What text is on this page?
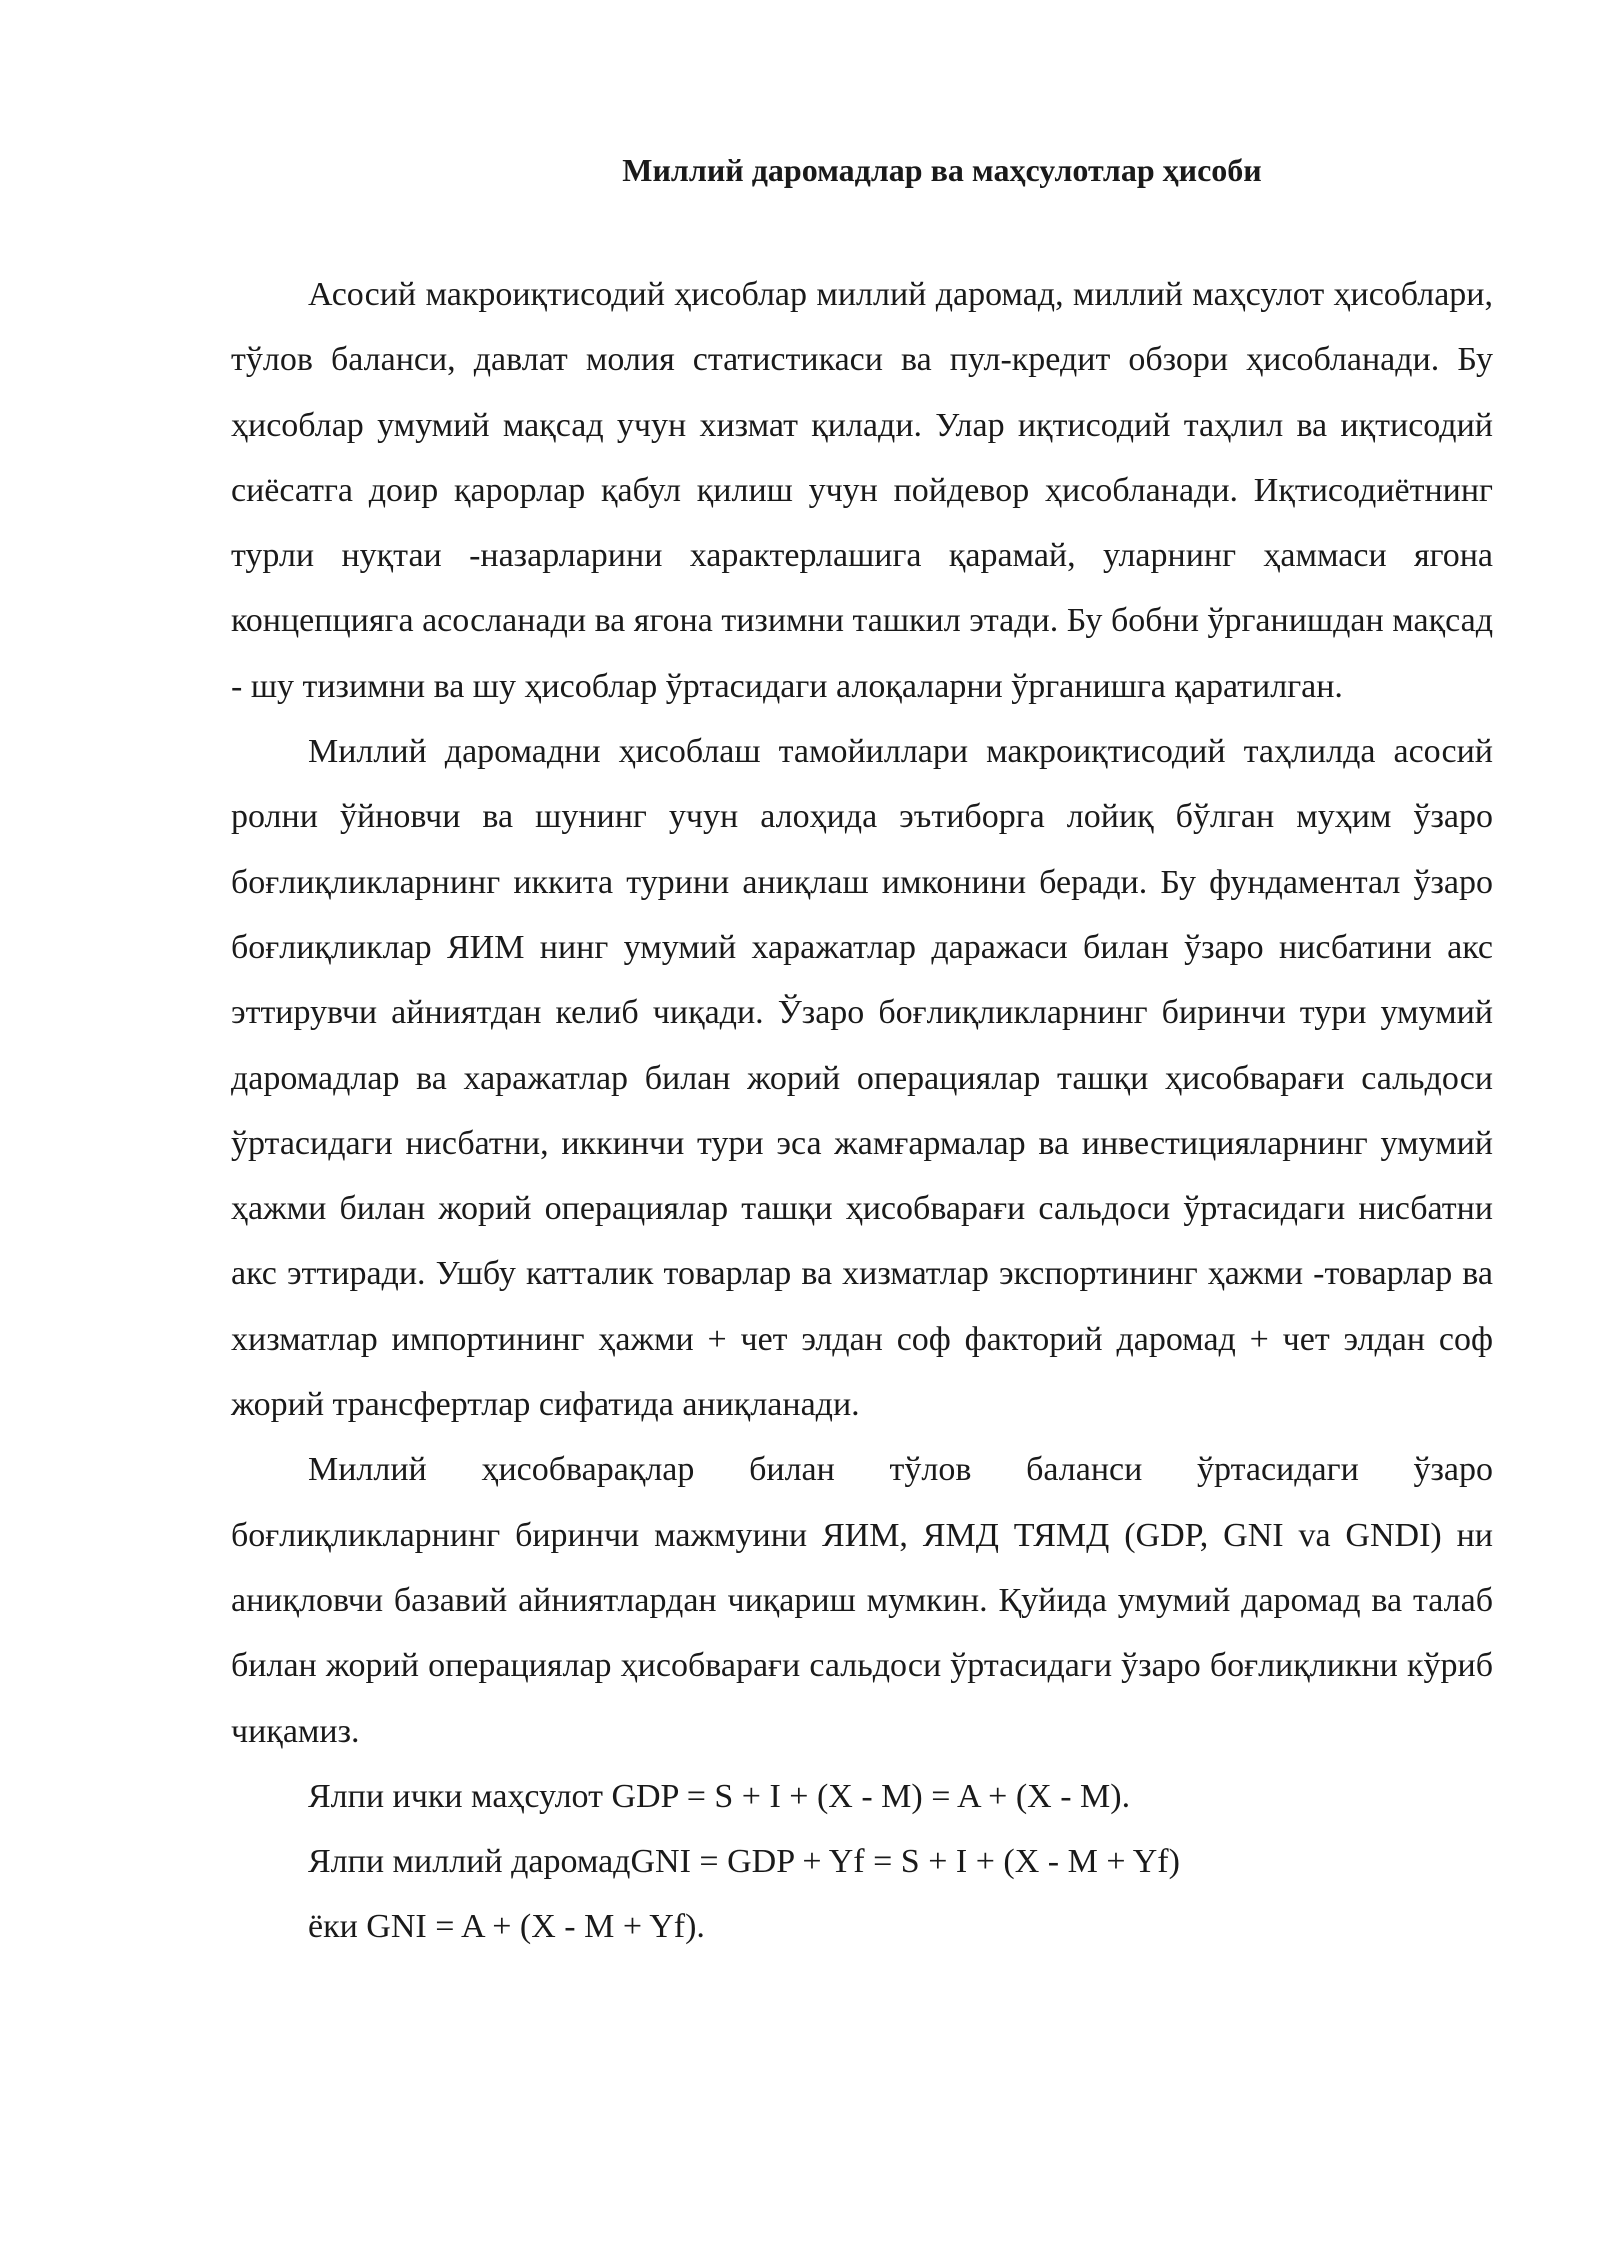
Миллий даромадлар ва маҳсулотлар ҳисоби

Асосий макроиқтисодий ҳисоблар миллий даромад, миллий маҳсулот ҳисоблари, тўлов баланси, давлат молия статистикаси ва пул-кредит обзори ҳисобланади. Бу ҳисоблар умумий мақсад учун хизмат қилади. Улар иқтисодий таҳлил ва иқтисодий сиёсатга доир қарорлар қабул қилиш учун пойдевор ҳисобланади. Иқтисодиётнинг турли нуқтаи -назарларини характерлашига қарамай, уларнинг ҳаммаси ягона концепцияга асосланади ва ягона тизимни ташкил этади. Бу бобни ўрганишдан мақсад - шу тизимни ва шу ҳисоблар ўртасидаги алоқаларни ўрганишга қаратилган.

Миллий даромадни ҳисоблаш тамойиллари макроиқтисодий таҳлилда асосий ролни ўйновчи ва шунинг учун алоҳида эътиборга лойиқ бўлган муҳим ўзаро боғлиқликларнинг иккита турини аниқлаш имконини беради. Бу фундаментал ўзаро боғлиқликлар ЯИМ нинг умумий харажатлар даражаси билан ўзаро нисбатини акс эттирувчи айниятдан келиб чиқади. Ўзаро боғлиқликларнинг биринчи тури умумий даромадлар ва харажатлар билан жорий операциялар ташқи ҳисобварағи сальдоси ўртасидаги нисбатни, иккинчи тури эса жамғармалар ва инвестицияларнинг умумий ҳажми билан жорий операциялар ташқи ҳисобварағи сальдоси ўртасидаги нисбатни акс эттиради. Ушбу катталик товарлар ва хизматлар экспортининг ҳажми -товарлар ва хизматлар импортининг ҳажми + чет элдан соф факторий даромад + чет элдан соф жорий трансфертлар сифатида аниқланади.

Миллий ҳисобварақлар билан тўлов баланси ўртасидаги ўзаро боғлиқликларнинг биринчи мажмуини ЯИМ, ЯМД ТЯМД (GDP, GNI va GNDI) ни аниқловчи базавий айниятлардан чиқариш мумкин. Қуйида умумий даромад ва талаб билан жорий операциялар ҳисобварағи сальдоси ўртасидаги ўзаро боғлиқликни кўриб чиқамиз.

Ялпи ички маҳсулот GDP = S + I + (X - M) = A + (X - M).

Ялпи миллий даромадGNI = GDP + Yf = S + I + (X - M + Yf)

ёки GNI = A + (X - M + Yf).
